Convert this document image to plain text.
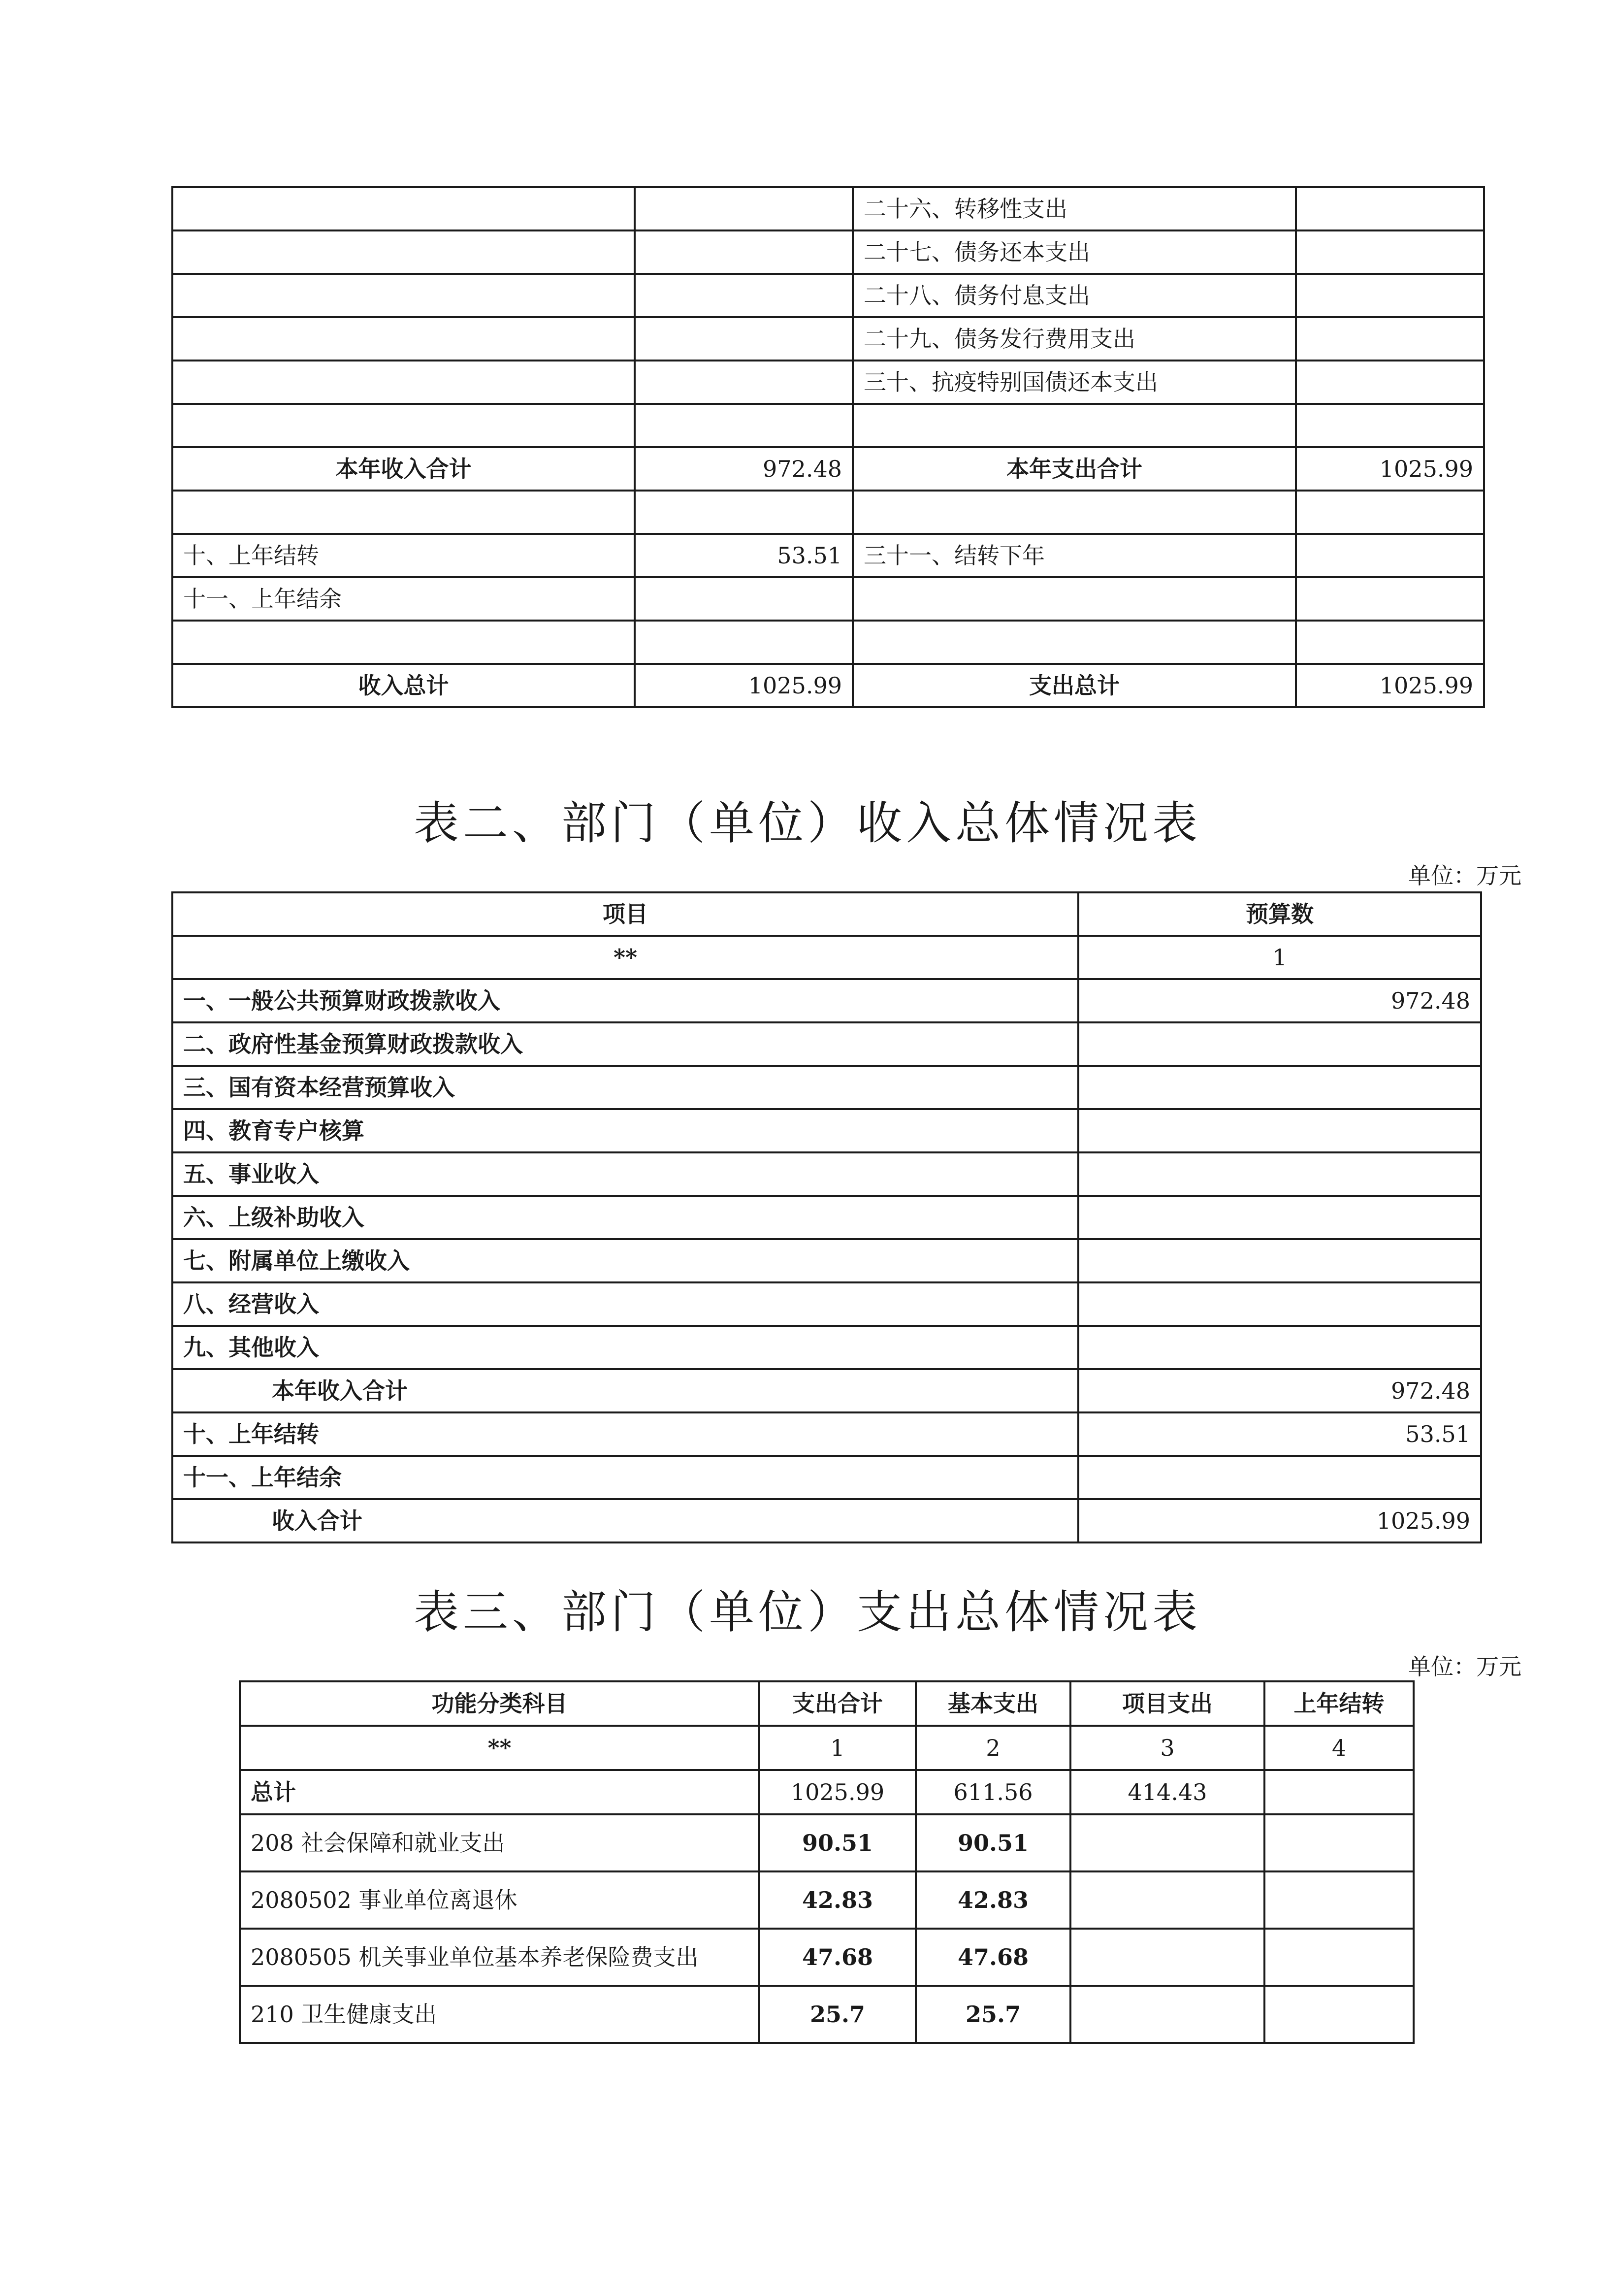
		二十六、转移性支出	
		二十七、债务还本支出	
		二十八、债务付息支出	
		二十九、债务发行费用支出	
		三十、抗疫特别国债还本支出	

本年收入合计	972.48	本年支出合计	1025.99

十、上年结转	53.51	三十一、结转下年	
十一、上年结余			

收入总计	1025.99	支出总计	1025.99
表二、部门（单位）收入总体情况表
单位：万元
项目	预算数
**	1
一、一般公共预算财政拨款收入	972.48
二、政府性基金预算财政拨款收入	
三、国有资本经营预算收入	
四、教育专户核算	
五、事业收入	
六、上级补助收入	
七、附属单位上缴收入	
八、经营收入	
九、其他收入	
本年收入合计	972.48
十、上年结转	53.51
十一、上年结余	
收入合计	1025.99
表三、部门（单位）支出总体情况表
单位：万元
功能分类科目	支出合计	基本支出	项目支出	上年结转
**	1	2	3	4
总计	1025.99	611.56	414.43	
208 社会保障和就业支出	90.51	90.51		
2080502 事业单位离退休	42.83	42.83		
2080505 机关事业单位基本养老保险费支出	47.68	47.68		
210 卫生健康支出	25.7	25.7		
